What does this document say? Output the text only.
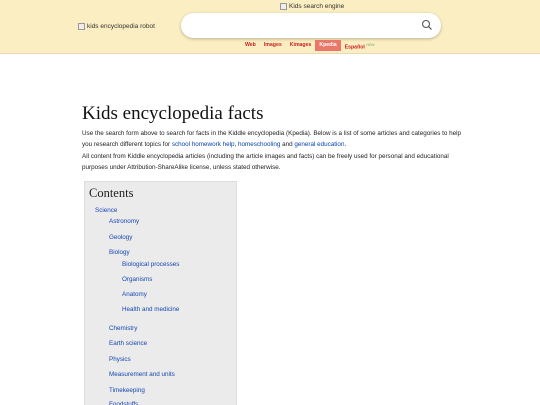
kids encyclopedia robot
Kids search engine
Web	Images	Kimages	Kpedia	Español $^{NEW}$
Kids encyclopedia facts
Use the search form above to search for facts in the Kiddle encyclopedia (Kpedia). Below is a list of some articles and categories to help you research different topics for school homework help, homeschooling and general education.
All content from Kiddle encyclopedia articles (including the article images and facts) can be freely used for personal and educational purposes under Attribution-ShareAlike license, unless stated otherwise.
Contents
Science
Astronomy
Geology
Biology
Biological processes
Organisms
Anatomy
Health and medicine
Chemistry
Earth science
Physics
Measurement and units
Timekeeping
Foodstuffs
